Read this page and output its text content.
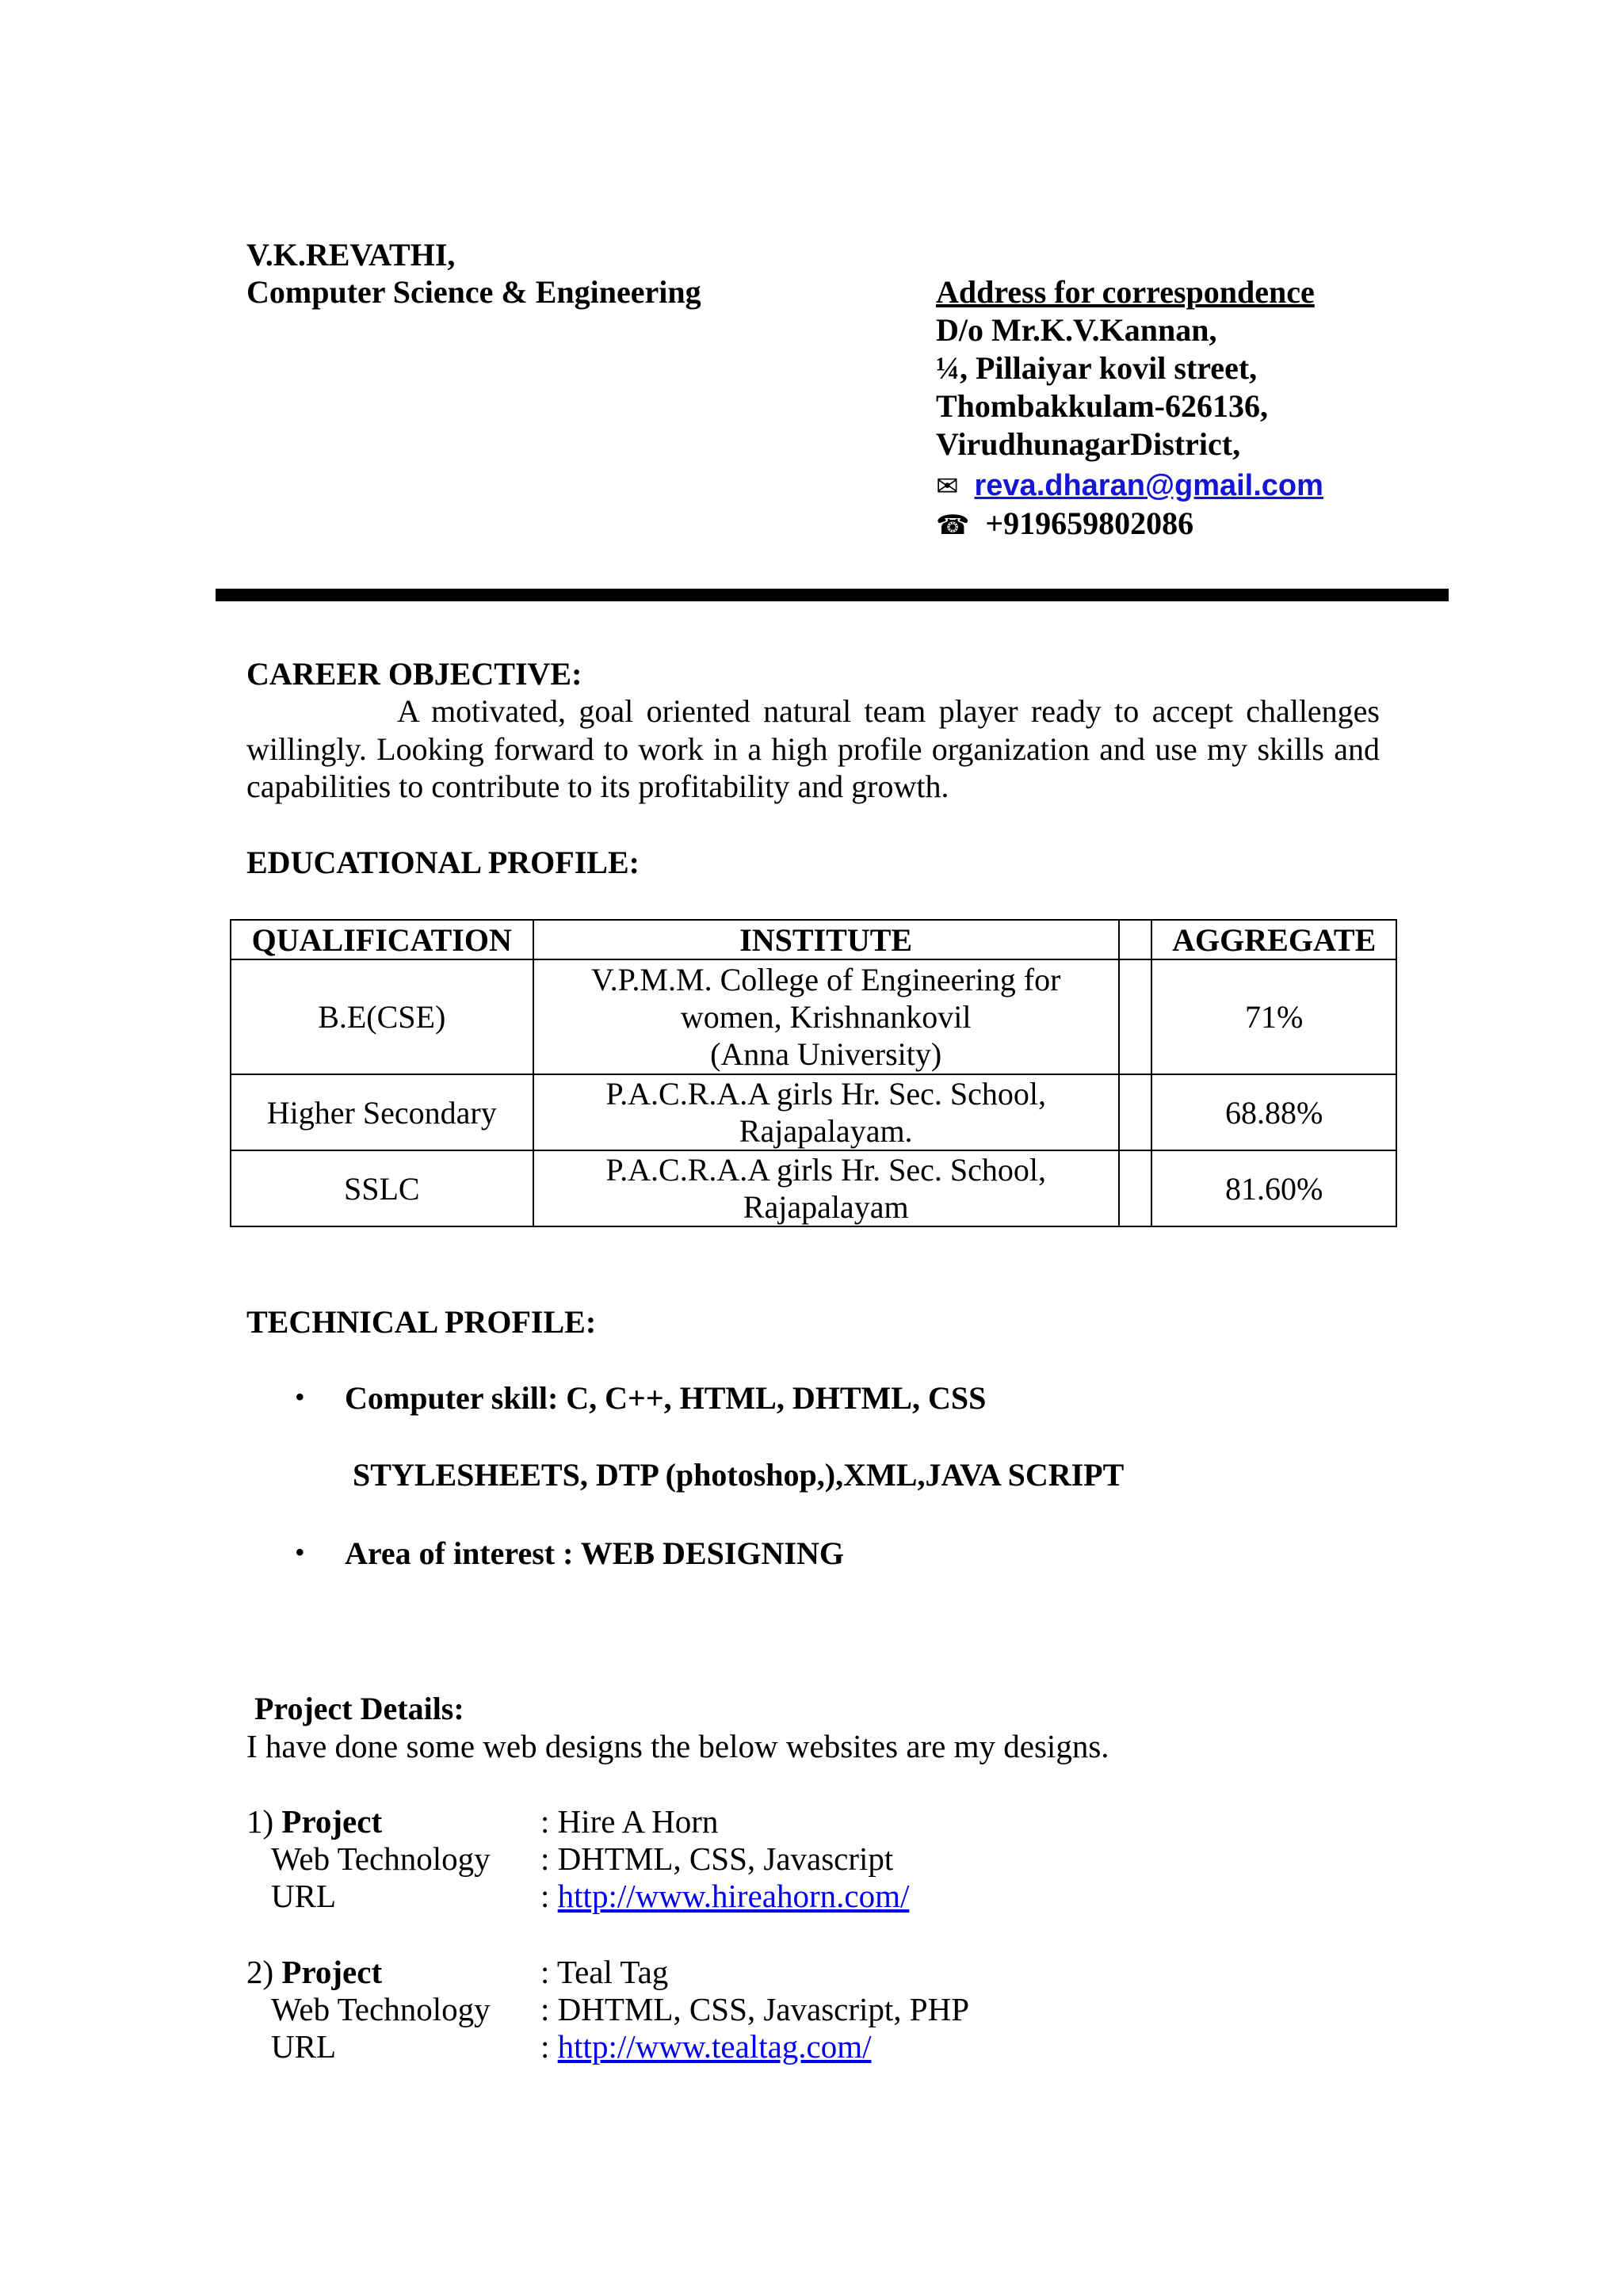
V.K.REVATHI,
Computer Science & Engineering	Address for correspondence
D/o Mr.K.V.Kannan,
¼, Pillaiyar kovil street,
Thombakkulam-626136,
VirudhunagarDistrict,
✉ reva.dharan@gmail.com
☎ +919659802086
CAREER OBJECTIVE:
A motivated, goal oriented natural team player ready to accept challenges willingly. Looking forward to work in a high profile organization and use my skills and capabilities to contribute to its profitability and growth.
EDUCATIONAL PROFILE:
QUALIFICATION	INSTITUTE		AGGREGATE
B.E(CSE)	V.P.M.M. College of Engineering for
women, Krishnankovil
(Anna University)		71%
Higher Secondary	P.A.C.R.A.A girls Hr. Sec. School,
Rajapalayam.		68.88%
SSLC	P.A.C.R.A.A girls Hr. Sec. School,
Rajapalayam		81.60%
TECHNICAL PROFILE:
• Computer skill: C, C++, HTML, DHTML, CSS
STYLESHEETS, DTP (photoshop,),XML,JAVA SCRIPT
• Area of interest : WEB DESIGNING
Project Details:
I have done some web designs the below websites are my designs.
1) Project	: Hire A Horn
Web Technology : DHTML, CSS, Javascript
URL	: http://www.hireahorn.com/
2) Project	: Teal Tag
Web Technology : DHTML, CSS, Javascript, PHP
URL	: http://www.tealtag.com/
